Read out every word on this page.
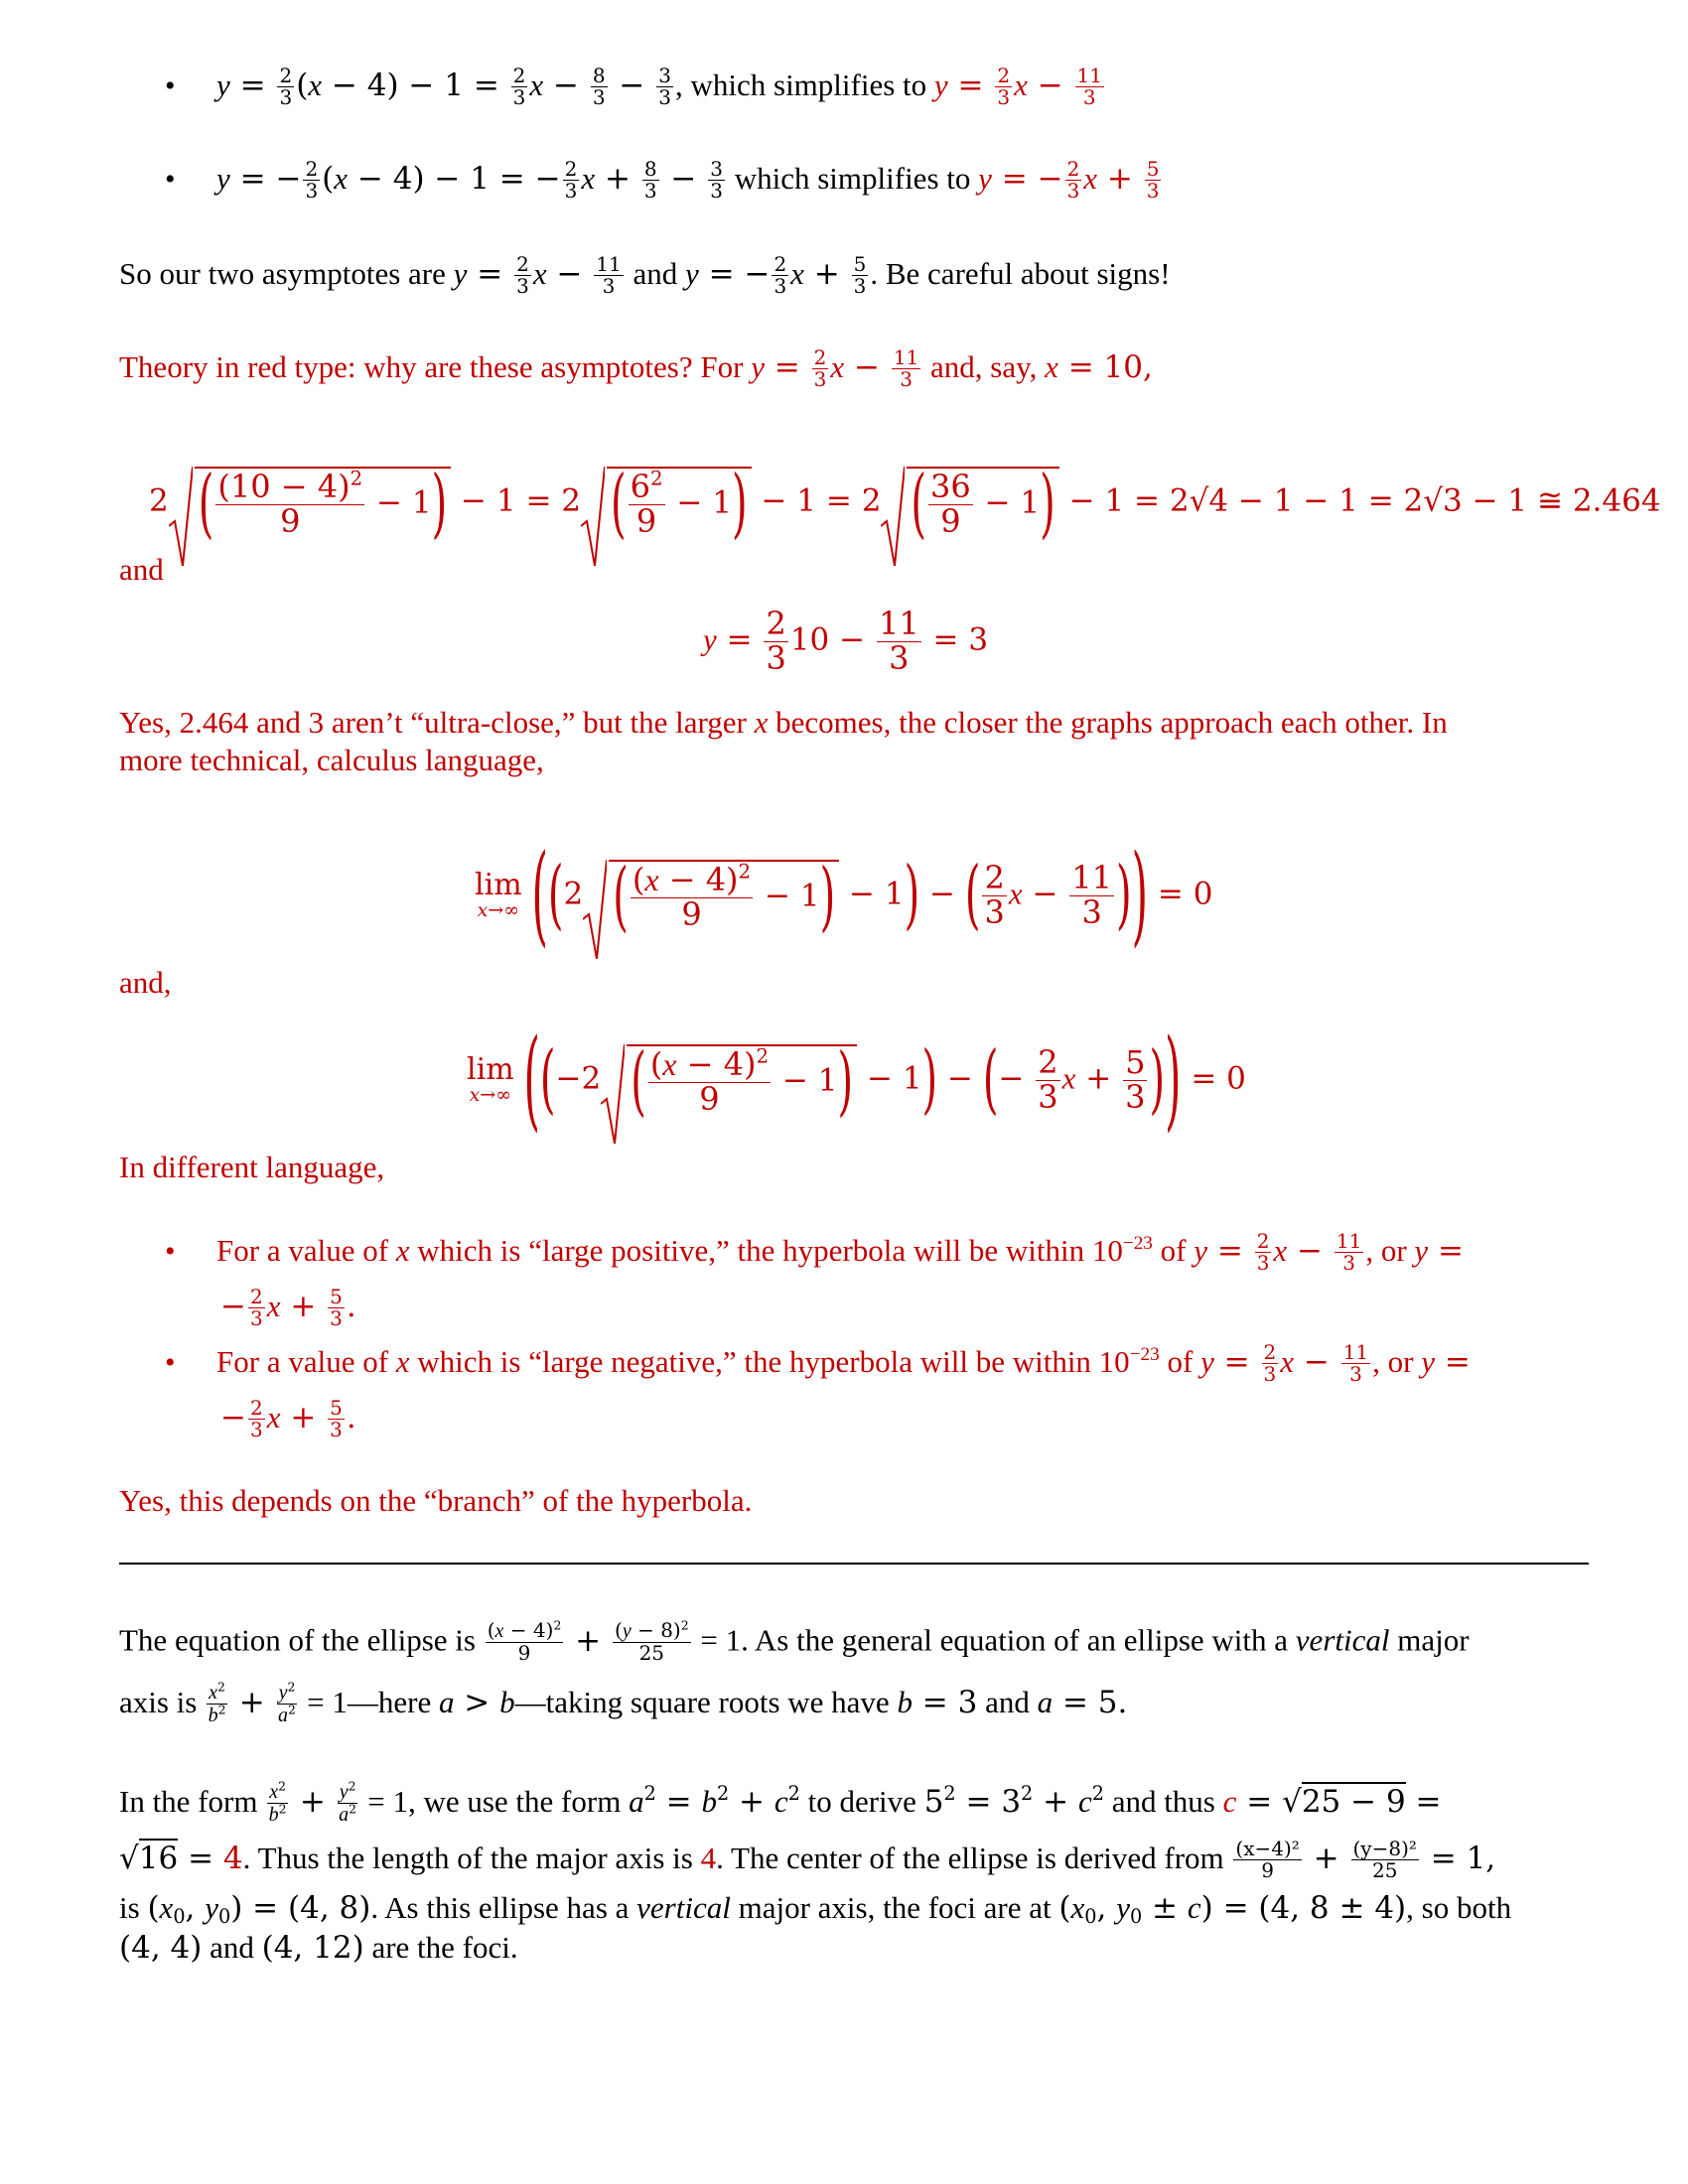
• $y = \frac{2}{3} (x - 4) - 1 = \frac{2}{3}$ $x - \frac{8}{3} - \frac{3}{3}$ , which simplifies to $y = \frac{2}{3}$ $x - \frac{11}{3}$
• y = − $\frac{2}{3} (x - 4) - 1$ = − $\frac{2}{3}$ $x + \frac{8}{3} - \frac{3}{3}$ which simplifies to y = − $\frac{2}{3}$ $x + \frac{5}{3}$
So our two asymptotes are $y = \frac{2}{3}$ $x - \frac{11}{3}$ and y = − $\frac{2}{3}$ $x + \frac{5}{3}$ . Be careful about signs!
Theory in red type: why are these asymptotes? For $y = \frac{2}{3}$ $x - \frac{11}{3}$ and, say, x = 10,
2 ( $\frac{(10 - 4)^2}{9} - 1) - 1 = 2$ ( $\frac{6^2}{9} - 1) - 1 = 2$ ( $\frac{36}{9} - 1) - 1 = 2√4 - 1 - 1 = 2√3 - 1$ ≅ 2.464
and
$y = \frac{2}{3} 10 - \frac{11}{3} = 3$
Yes, 2.464 and 3 aren’t “ultra-close,” but the larger x becomes, the closer the graphs approach each other. In
more technical, calculus language,
lim
x→∞ ((2 ( $\frac{(x - 4)^2}{9} - 1) - 1$) − ( $\frac{2}{3}$ $x - \frac{11}{3}$ )) = 0
and,
lim
x→∞ ((−2 ( $\frac{(x - 4)^2}{9} - 1) - 1$) − (− $\frac{2}{3}$ $x + \frac{5}{3}$ )) = 0
In different language,
• For a value of x which is “large positive,” the hyperbola will be within $10^{-23}$ of $y = \frac{2}{3}$ $x - \frac{11}{3}$ , or y =
− $\frac{2}{3}$ $x + \frac{5}{3}$ .
• For a value of x which is “large negative,” the hyperbola will be within $10^{-23}$ of $y = \frac{2}{3}$ $x - \frac{11}{3}$ , or y =
− $\frac{2}{3}$ $x + \frac{5}{3}$ .
Yes, this depends on the “branch” of the hyperbola.
The equation of the ellipse is $\frac{(x - 4)^2}{9} + \frac{(y - 8)^2}{25} = 1$. As the general equation of an ellipse with a vertical major
axis is $\frac{x^2}{b^2} + \frac{y^2}{a^2}$ = 1—here a > b—taking square roots we have b = 3 and a = 5.
In the form $\frac{x^2}{b^2} + \frac{y^2}{a^2} = 1$, we use the form $a^2 = b^2 + c^2$ to derive $5^2 = 3^2 + c^2$ and thus c = √25 − 9 =
√16 = 4. Thus the length of the major axis is 4. The center of the ellipse is derived from $\frac{\text{(x−4)²}}{9} + \frac{\text{(y−8)²}}{25} = 1$,
is ($x_0$, $y_0) = (4$, 8). As this ellipse has a vertical major axis, the foci are at ($x_0$, $y_0 \pm c) = (4$, 8 ± 4), so both
(4, 4) and (4, 12) are the foci.
